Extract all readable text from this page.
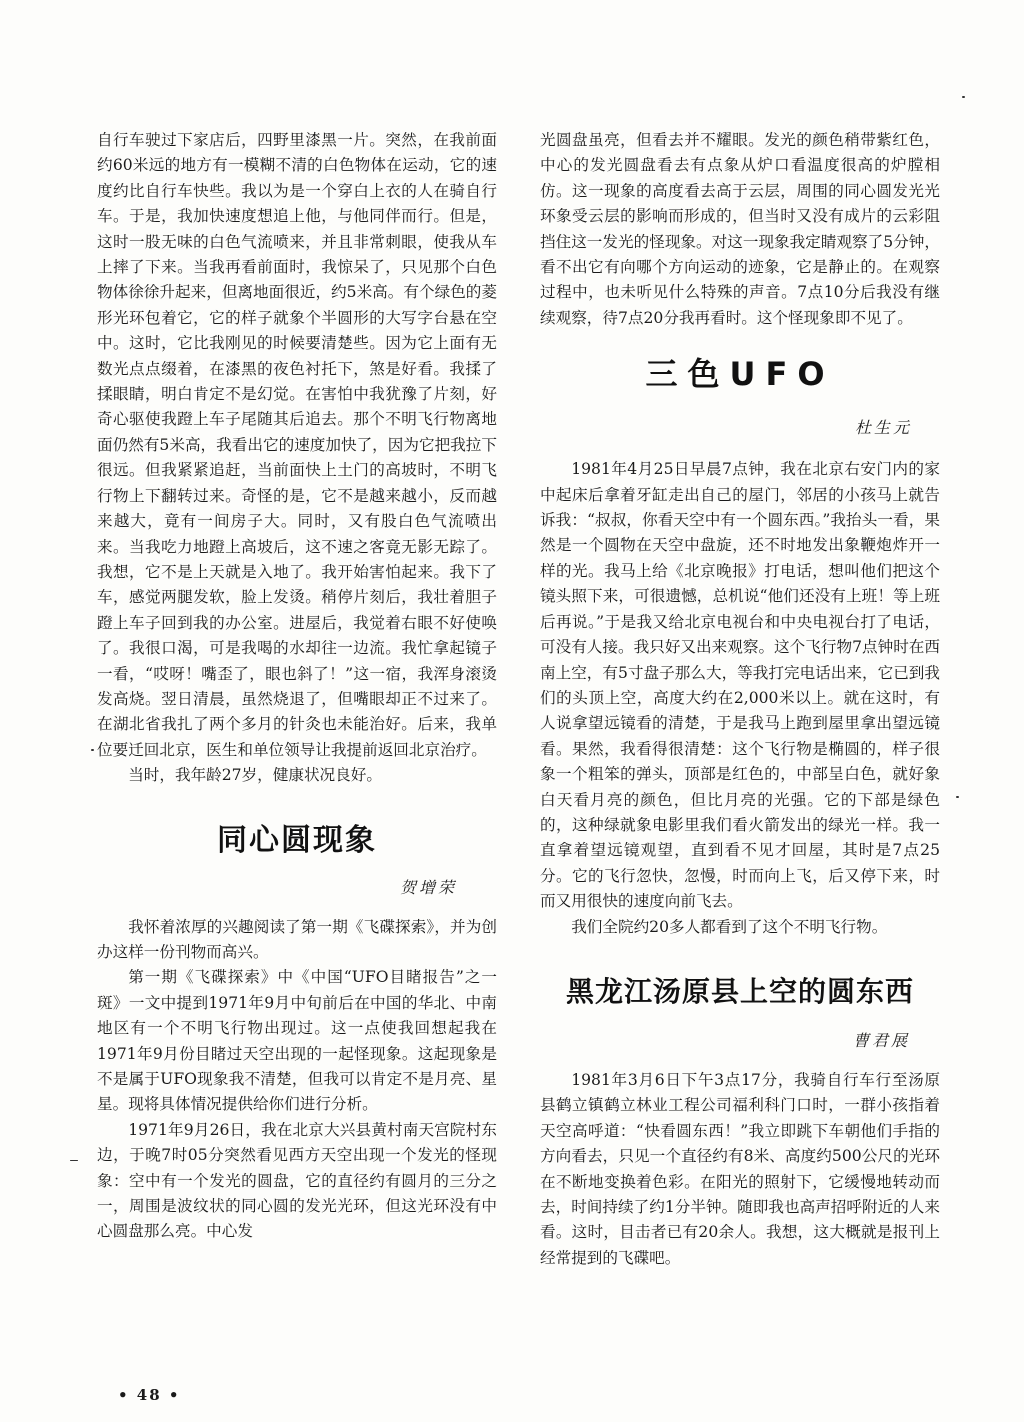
自行车驶过下家店后，四野里漆黑一片。突然，在我前面约60米远的地方有一模糊不清的白色物体在运动，它的速度约比自行车快些。我以为是一个穿白上衣的人在骑自行车。于是，我加快速度想追上他，与他同伴而行。但是，这时一股无味的白色气流喷来，并且非常刺眼，使我从车上摔了下来。当我再看前面时，我惊呆了，只见那个白色物体徐徐升起来，但离地面很近，约5米高。有个绿色的菱形光环包着它，它的样子就象个半圆形的大写字台悬在空中。这时，它比我刚见的时候要清楚些。因为它上面有无数光点点缀着，在漆黑的夜色衬托下，煞是好看。我揉了揉眼睛，明白肯定不是幻觉。在害怕中我犹豫了片刻，好奇心驱使我蹬上车子尾随其后追去。那个不明飞行物离地面仍然有5米高，我看出它的速度加快了，因为它把我拉下很远。但我紧紧追赶，当前面快上土门的高坡时，不明飞行物上下翻转过来。奇怪的是，它不是越来越小，反而越来越大，竟有一间房子大。同时，又有股白色气流喷出来。当我吃力地蹬上高坡后，这不速之客竟无影无踪了。我想，它不是上天就是入地了。我开始害怕起来。我下了车，感觉两腿发软，脸上发烫。稍停片刻后，我壮着胆子蹬上车子回到我的办公室。进屋后，我觉着右眼不好使唤了。我很口渴，可是我喝的水却往一边流。我忙拿起镜子一看，“哎呀！嘴歪了，眼也斜了！”这一宿，我浑身滚烫发高烧。翌日清晨，虽然烧退了，但嘴眼却正不过来了。在湖北省我扎了两个多月的针灸也未能治好。后来，我单位要迁回北京，医生和单位领导让我提前返回北京治疗。

当时，我年龄27岁，健康状况良好。

同心圆现象

贺增荣

我怀着浓厚的兴趣阅读了第一期《飞碟探索》，并为创办这样一份刊物而高兴。

第一期《飞碟探索》中《中国“UFO目睹报告”之一斑》一文中提到1971年9月中旬前后在中国的华北、中南地区有一个不明飞行物出现过。这一点使我回想起我在1971年9月份目睹过天空出现的一起怪现象。这起现象是不是属于UFO现象我不清楚，但我可以肯定不是月亮、星星。现将具体情况提供给你们进行分析。

1971年9月26日，我在北京大兴县黄村南天宫院村东边，于晚7时05分突然看见西方天空出现一个发光的怪现象：空中有一个发光的圆盘，它的直径约有圆月的三分之一，周围是波纹状的同心圆的发光光环，但这光环没有中心圆盘那么亮。中心发

光圆盘虽亮，但看去并不耀眼。发光的颜色稍带紫红色，中心的发光圆盘看去有点象从炉口看温度很高的炉膛相仿。这一现象的高度看去高于云层，周围的同心圆发光光环象受云层的影响而形成的，但当时又没有成片的云彩阻挡住这一发光的怪现象。对这一现象我定睛观察了5分钟，看不出它有向哪个方向运动的迹象，它是静止的。在观察过程中，也未听见什么特殊的声音。7点10分后我没有继续观察，待7点20分我再看时。这个怪现象即不见了。

三色UFO

杜生元

1981年4月25日早晨7点钟，我在北京右安门内的家中起床后拿着牙缸走出自己的屋门，邻居的小孩马上就告诉我：“叔叔，你看天空中有一个圆东西。”我抬头一看，果然是一个圆物在天空中盘旋，还不时地发出象鞭炮炸开一样的光。我马上给《北京晚报》打电话，想叫他们把这个镜头照下来，可很遗憾，总机说“他们还没有上班！等上班后再说。”于是我又给北京电视台和中央电视台打了电话，可没有人接。我只好又出来观察。这个飞行物7点钟时在西南上空，有5寸盘子那么大，等我打完电话出来，它已到我们的头顶上空，高度大约在2,000米以上。就在这时，有人说拿望远镜看的清楚，于是我马上跑到屋里拿出望远镜看。果然，我看得很清楚：这个飞行物是椭圆的，样子很象一个粗笨的弹头，顶部是红色的，中部呈白色，就好象白天看月亮的颜色，但比月亮的光强。它的下部是绿色的，这种绿就象电影里我们看火箭发出的绿光一样。我一直拿着望远镜观望，直到看不见才回屋，其时是7点25分。它的飞行忽快，忽慢，时而向上飞，后又停下来，时而又用很快的速度向前飞去。

我们全院约20多人都看到了这个不明飞行物。

黑龙江汤原县上空的圆东西

曹君展

1981年3月6日下午3点17分，我骑自行车行至汤原县鹤立镇鹤立林业工程公司福利科门口时，一群小孩指着天空高呼道：“快看圆东西！”我立即跳下车朝他们手指的方向看去，只见一个直径约有8米、高度约500公尺的光环在不断地变换着色彩。在阳光的照射下，它缓慢地转动而去，时间持续了约1分半钟。随即我也高声招呼附近的人来看。这时，目击者已有20余人。我想，这大概就是报刊上经常提到的飞碟吧。

• 48 •
